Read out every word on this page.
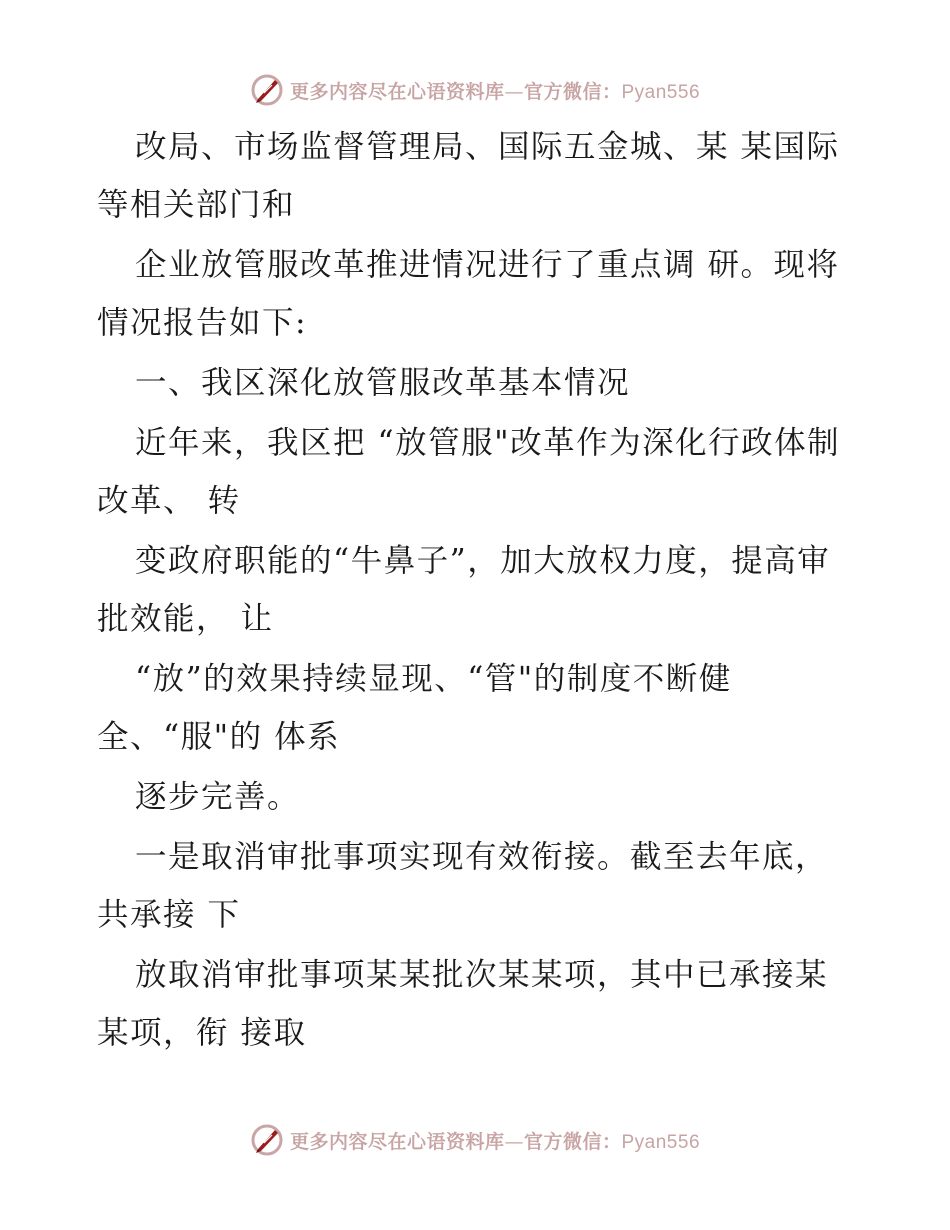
更多内容尽在心语资料库—官方微信：Pyan556

改局、市场监督管理局、国际五金城、某 某国际等相关部门和

企业放管服改革推进情况进行了重点调 研。现将情况报告如下:

一、我区深化放管服改革基本情况

近年来，我区把 “放管服"改革作为深化行政体制改革、 转

变政府职能的“牛鼻子”，加大放权力度，提高审批效能， 让

“放”的效果持续显现、“管"的制度不断健全、“服"的 体系

逐步完善。

一是取消审批事项实现有效衔接。截至去年底，共承接 下

放取消审批事项某某批次某某项，其中已承接某某项，衔 接取

更多内容尽在心语资料库—官方微信：Pyan556
